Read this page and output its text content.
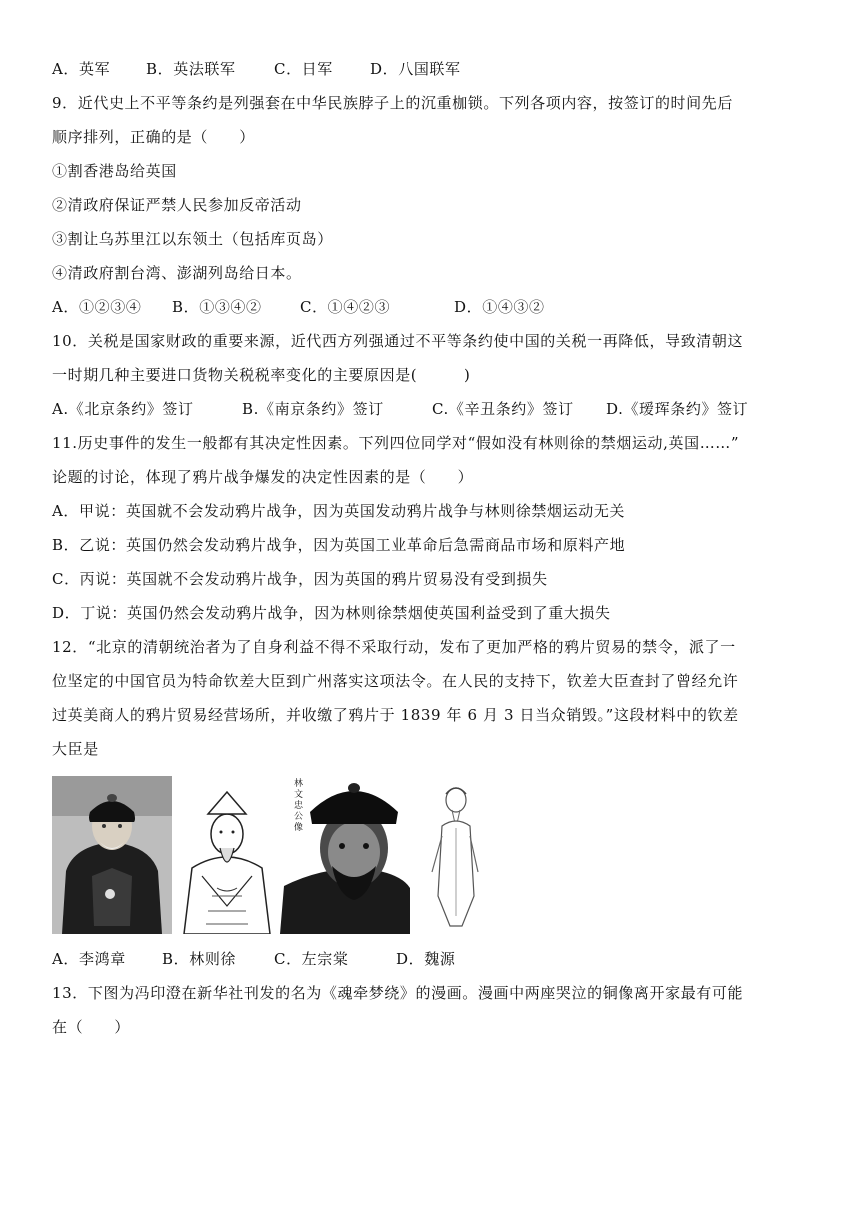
A．英军 B．英法联军	C．日军 D．八国联军
9．近代史上不平等条约是列强套在中华民族脖子上的沉重枷锁。下列各项内容，按签订的时间先后
顺序排列，正确的是（　　）
①割香港岛给英国
②清政府保证严禁人民参加反帝活动
③割让乌苏里江以东领土（包括库页岛）
④清政府割台湾、澎湖列岛给日本。
A．①②③④ B．①③④②	C．①④②③	D．①④③②
10．关税是国家财政的重要来源，近代西方列强通过不平等条约使中国的关税一再降低，导致清朝这
一时期几种主要进口货物关税税率变化的主要原因是(　　　)
A.《北京条约》签订	B.《南京条约》签订	C.《辛丑条约》签订 D.《瑷珲条约》签订
11.历史事件的发生一般都有其决定性因素。下列四位同学对“假如没有林则徐的禁烟运动,英国……”
论题的讨论，体现了鸦片战争爆发的决定性因素的是（　　）
A．甲说：英国就不会发动鸦片战争，因为英国发动鸦片战争与林则徐禁烟运动无关
B．乙说：英国仍然会发动鸦片战争，因为英国工业革命后急需商品市场和原料产地
C．丙说：英国就不会发动鸦片战争，因为英国的鸦片贸易没有受到损失
D．丁说：英国仍然会发动鸦片战争，因为林则徐禁烟使英国利益受到了重大损失
12．“北京的清朝统治者为了自身利益不得不采取行动，发布了更加严格的鸦片贸易的禁令，派了一
位坚定的中国官员为特命钦差大臣到广州落实这项法令。在人民的支持下，钦差大臣查封了曾经允许
过英美商人的鸦片贸易经营场所，并收缴了鸦片于 1839 年 6 月 3 日当众销毁。”这段材料中的钦差
大臣是
林文忠公像
A．李鸿章 B．林则徐	C．左宗棠	D．魏源
13．下图为冯印澄在新华社刊发的名为《魂牵梦绕》的漫画。漫画中两座哭泣的铜像离开家最有可能
在（　　）
